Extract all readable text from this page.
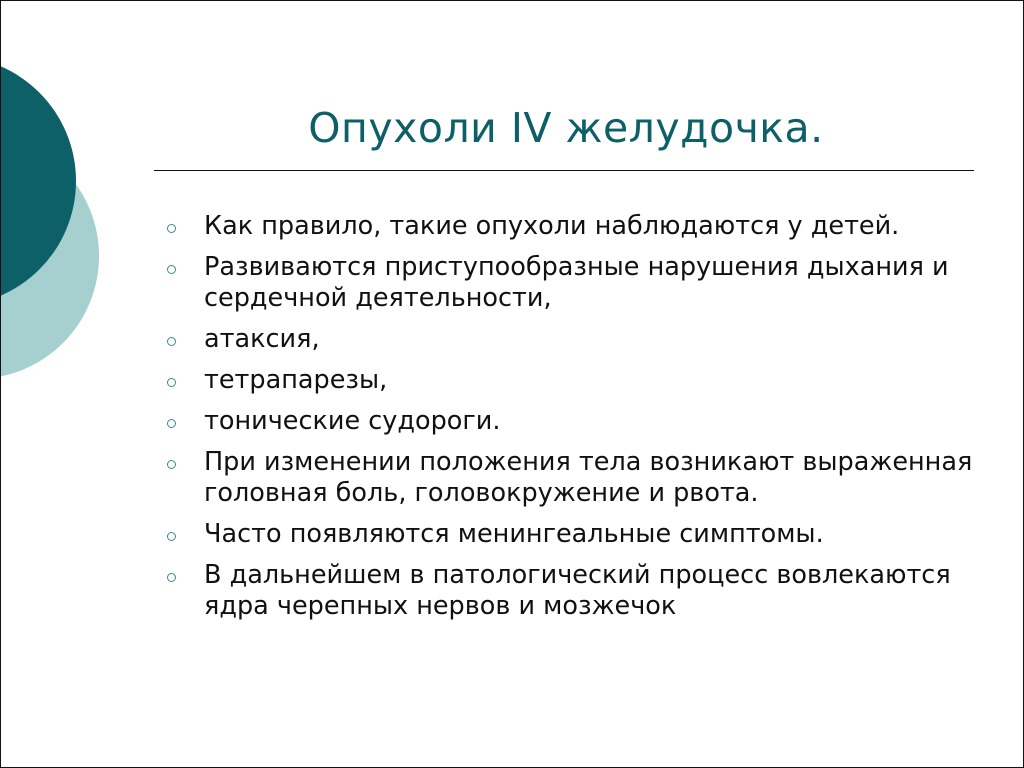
Опухоли IV желудочка.
Как правило, такие опухоли наблюдаются у детей.
Развиваются приступообразные нарушения дыхания и сердечной деятельности,
атаксия,
тетрапарезы,
тонические судороги.
При изменении положения тела возникают выраженная головная боль, головокружение и рвота.
Часто появляются менингеальные симптомы.
В дальнейшем в патологический процесс вовлекаются ядра черепных нервов и мозжечок
